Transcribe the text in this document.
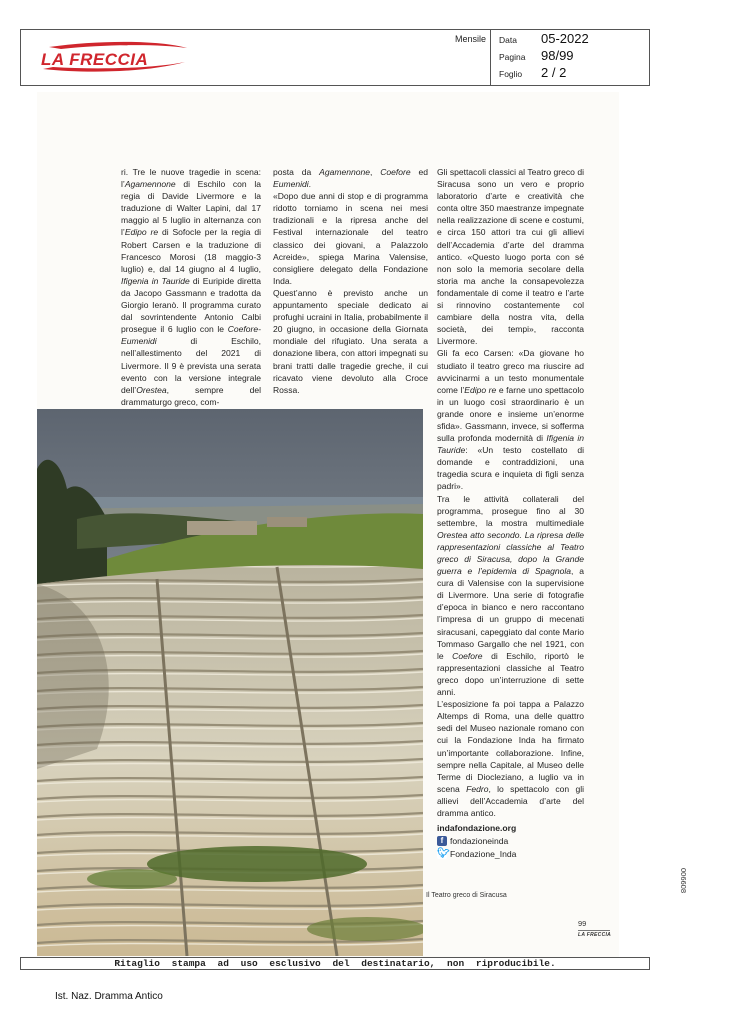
LA FRECCIA
Mensile Data 05-2022
Pagina 98/99
Foglio 2 / 2

ri. Tre le nuove tragedie in scena: l’Agamennone di Eschilo con la regia di Davide Livermore e la traduzione di Walter Lapini, dal 17 maggio al 5 luglio in alternanza con l’Edipo re di Sofocle per la regia di Robert Carsen e la traduzione di Francesco Morosi (18 maggio-3 luglio) e, dal 14 giugno al 4 luglio, Ifigenia in Tauride di Euripide diretta da Jacopo Gassmann e tradotta da Giorgio Ieranò. Il programma curato dal sovrintendente Antonio Calbi prosegue il 6 luglio con le Coefore-Eumenidi di Eschilo, nell’allestimento del 2021 di Livermore. Il 9 è prevista una serata evento con la versione integrale dell’Orestea, sempre del drammaturgo greco, com-

posta da Agamennone, Coefore ed Eumenidi.

«Dopo due anni di stop e di programma ridotto torniamo in scena nei mesi tradizionali e la ripresa anche del Festival internazionale del teatro classico dei giovani, a Palazzolo Acreide», spiega Marina Valensise, consigliere delegato della Fondazione Inda.

Quest’anno è previsto anche un appuntamento speciale dedicato ai profughi ucraini in Italia, probabilmente il 20 giugno, in occasione della Giornata mondiale del rifugiato. Una serata a donazione libera, con attori impegnati su brani tratti dalle tragedie greche, il cui ricavato viene devoluto alla Croce Rossa.

Gli spettacoli classici al Teatro greco di Siracusa sono un vero e proprio laboratorio d’arte e creatività che conta oltre 350 maestranze impegnate nella realizzazione di scene e costumi, e circa 150 attori tra cui gli allievi dell’Accademia d’arte del dramma antico. «Questo luogo porta con sé non solo la memoria secolare della storia ma anche la consapevolezza fondamentale di come il teatro e l’arte si rinnovino costantemente col cambiare della nostra vita, della società, dei tempi», racconta Livermore.

Gli fa eco Carsen: «Da giovane ho studiato il teatro greco ma riuscire ad avvicinarmi a un testo monumentale come l’Edipo re e farne uno spettacolo in un luogo così straordinario è un grande onore e insieme un’enorme sfida». Gassmann, invece, si sofferma sulla profonda modernità di Ifigenia in Tauride: «Un testo costellato di domande e contraddizioni, una tragedia scura e inquieta di figli senza padri».

Tra le attività collaterali del programma, prosegue fino al 30 settembre, la mostra multimediale Orestea atto secondo. La ripresa delle rappresentazioni classiche al Teatro greco di Siracusa, dopo la Grande guerra e l’epidemia di Spagnola, a cura di Valensise con la supervisione di Livermore. Una serie di fotografie d’epoca in bianco e nero raccontano l’impresa di un gruppo di mecenati siracusani, capeggiato dal conte Mario Tommaso Gargallo che nel 1921, con le Coefore di Eschilo, riportò le rappresentazioni classiche al Teatro greco dopo un’interruzione di sette anni.

L’esposizione fa poi tappa a Palazzo Altemps di Roma, una delle quattro sedi del Museo nazionale romano con cui la Fondazione Inda ha firmato un’importante collaborazione. Infine, sempre nella Capitale, al Museo delle Terme di Diocleziano, a luglio va in scena Fedro, lo spettacolo con gli allievi dell’Accademia d’arte del dramma antico.

indafondazione.org
f fondazioneinda
🐦︎ Fondazione_Inda
Il Teatro greco di Siracusa
99
LA FRECCIA
006608
Ritaglio stampa ad uso esclusivo del destinatario, non riproducibile.
Ist. Naz. Dramma Antico
